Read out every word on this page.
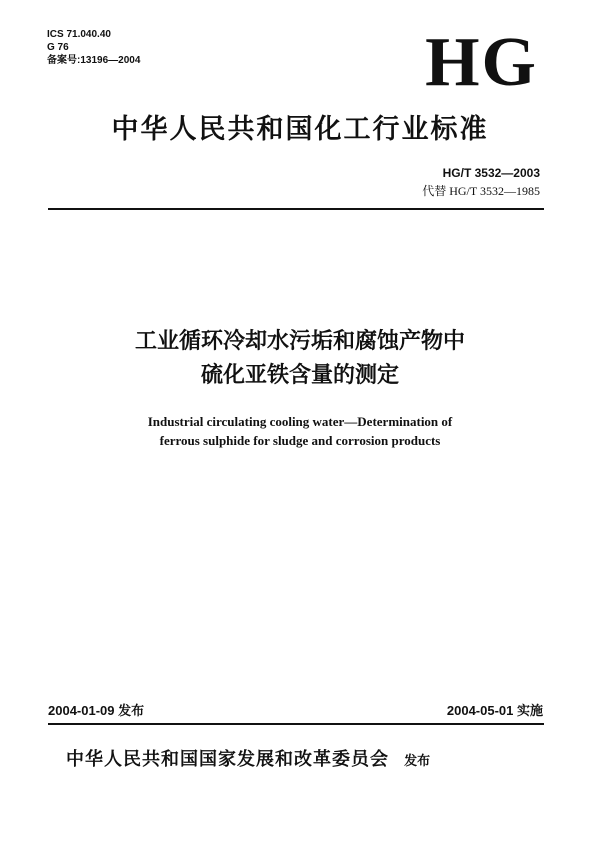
ICS 71.040.40
G 76
备案号:13196—2004	HG
中华人民共和国化工行业标准
HG/T 3532—2003
代替 HG/T 3532—1985
工业循环冷却水污垢和腐蚀产物中
硫化亚铁含量的测定
Industrial circulating cooling water—Determination of
ferrous sulphide for sludge and corrosion products
2004-01-09 发布	2004-05-01 实施
中华人民共和国国家发展和改革委员会 发布
